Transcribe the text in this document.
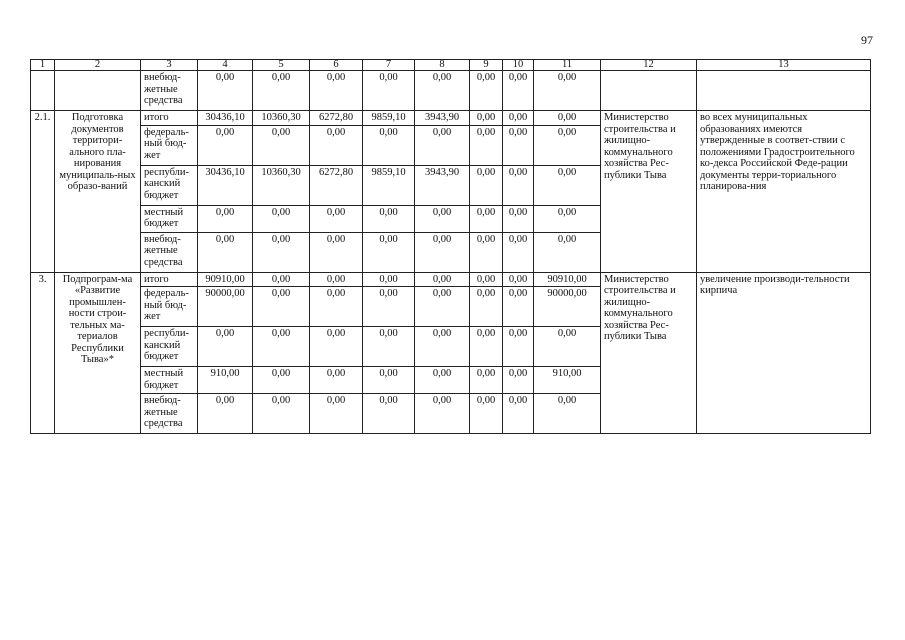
97
1	2	3	4	5	6	7	8	9	10	11	12	13
		внебюд-
жетные
средства	0,00	0,00	0,00	0,00	0,00	0,00	0,00	0,00		
2.1.	Подготовка документов территори-ального пла-нирования муниципаль-ных образо-ваний	итого	30436,10	10360,30	6272,80	9859,10	3943,90	0,00	0,00	0,00	Министерство строительства и жилищно-коммунального хозяйства Рес-публики Тыва	во всех муниципальных образованиях имеются утвержденные в соответ-ствии с положениями Градостроительного ко-декса Российской Феде-рации документы терри-ториального планирова-ния
		федераль-
ный бюд-
жет	0,00	0,00	0,00	0,00	0,00	0,00	0,00	0,00		
		республи-
канский
бюджет	30436,10	10360,30	6272,80	9859,10	3943,90	0,00	0,00	0,00		
		местный
бюджет	0,00	0,00	0,00	0,00	0,00	0,00	0,00	0,00		
		внебюд-
жетные
средства	0,00	0,00	0,00	0,00	0,00	0,00	0,00	0,00		
3.	Подпрограм-ма «Развитие промышлен-ности строи-тельных ма-териалов Республики Тыва»*	итого	90910,00	0,00	0,00	0,00	0,00	0,00	0,00	90910,00	Министерство строительства и жилищно-коммунального хозяйства Рес-публики Тыва	увеличение производи-тельности кирпича
		федераль-
ный бюд-
жет	90000,00	0,00	0,00	0,00	0,00	0,00	0,00	90000,00		
		республи-
канский
бюджет	0,00	0,00	0,00	0,00	0,00	0,00	0,00	0,00		
		местный
бюджет	910,00	0,00	0,00	0,00	0,00	0,00	0,00	910,00		
		внебюд-
жетные
средства	0,00	0,00	0,00	0,00	0,00	0,00	0,00	0,00		
